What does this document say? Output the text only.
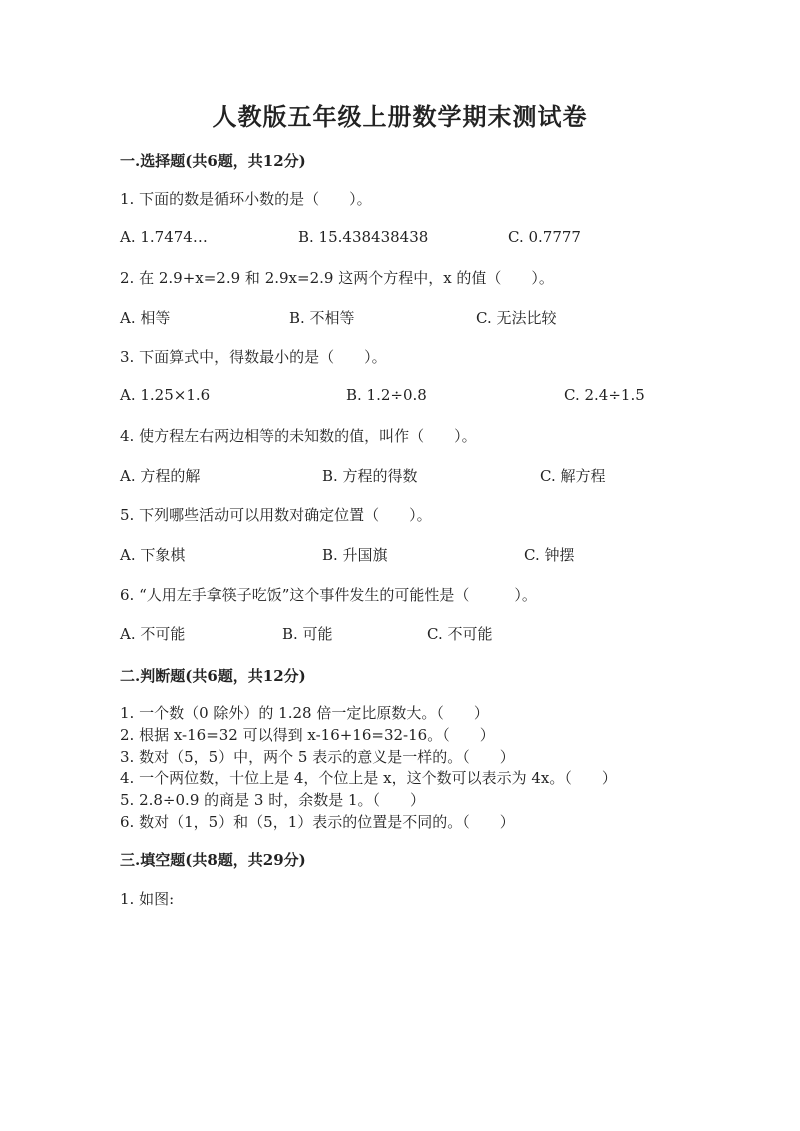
人教版五年级上册数学期末测试卷
一.选择题(共6题，共12分)
1. 下面的数是循环小数的是（　　）。
A. 1.7474…	B. 15.438438438	C. 0.7777
2. 在 2.9+x=2.9 和 2.9x=2.9 这两个方程中，x 的值（　　）。
A. 相等	B. 不相等	C. 无法比较
3. 下面算式中，得数最小的是（　　）。
A. 1.25×1.6	B. 1.2÷0.8	C. 2.4÷1.5
4. 使方程左右两边相等的未知数的值，叫作（　　）。
A. 方程的解	B. 方程的得数	C. 解方程
5. 下列哪些活动可以用数对确定位置（　　）。
A. 下象棋	B. 升国旗	C. 钟摆
6. “人用左手拿筷子吃饭”这个事件发生的可能性是（　　　）。
A. 不可能	B. 可能	C. 不可能
二.判断题(共6题，共12分)
1. 一个数（0 除外）的 1.28 倍一定比原数大。（　　）
2. 根据 x-16=32 可以得到 x-16+16=32-16。（　　）
3. 数对（5，5）中，两个 5 表示的意义是一样的。（　　）
4. 一个两位数，十位上是 4，个位上是 x，这个数可以表示为 4x。（　　）
5. 2.8÷0.9 的商是 3 时，余数是 1。（　　）
6. 数对（1，5）和（5，1）表示的位置是不同的。（　　）
三.填空题(共8题，共29分)
1. 如图:
